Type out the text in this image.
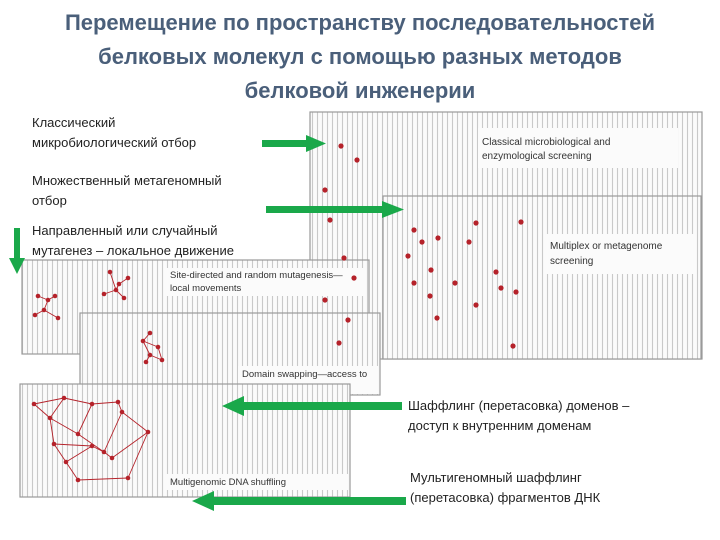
Перемещение по пространству последовательностей
белковых молекул с помощью разных методов
белковой инженерии
Classical microbiological and
enzymological screening
Multiplex or metagenome
screening
Site-directed and random mutagenesis—
local movements
Domain swapping—access to
Multigenomic DNA shuffling
Классический
микробиологический отбор
Множественный метагеномный
отбор
Направленный или случайный
мутагенез – локальное движение
Шаффлинг (перетасовка) доменов –
доступ к внутренним доменам
Мультигеномный шаффлинг
(перетасовка) фрагментов ДНК
